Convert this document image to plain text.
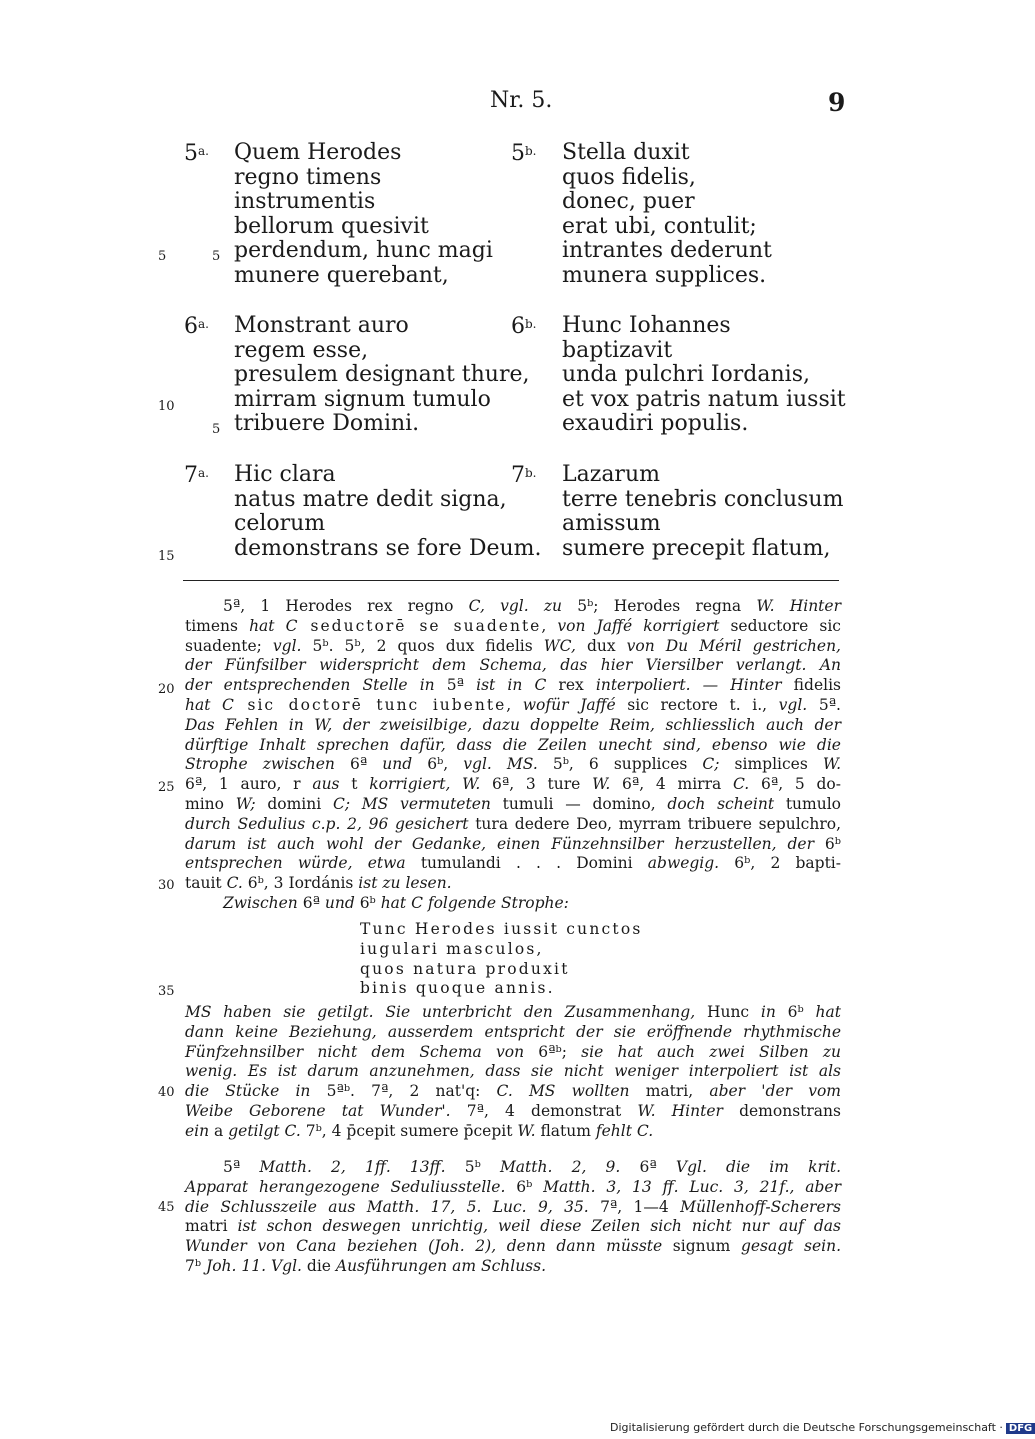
Nr. 5.	9
$5^{a.}$ Quem Herodes
regno timens
instrumentis
bellorum quesivit
perdendum, hunc magi
munere querebant,
$5^{b.}$ Stella duxit
quos fidelis,
donec, puer
erat ubi, contulit;
intrantes dederunt
munera supplices.
$6^{a.}$ Monstrant auro
regem esse,
presulem designant thure,
mirram signum tumulo
tribuere Domini.
$6^{b.}$ Hunc Iohannes
baptizavit
unda pulchri Iordanis,
et vox patris natum iussit
exaudiri populis.
$7^{a.}$ Hic clara
natus matre dedit signa,
celorum
demonstrans se fore Deum.
$7^{b.}$ Lazarum
terre tenebris conclusum
amissum
sumere precepit flatum,
5	5
10
5
15
20
25
30
35
40
45
5ª, 1 Herodes rex regno C, vgl. zu 5ᵇ; Herodes regna W. Hinter
timens hat C seductorē se suadente, von Jaffé korrigiert seductore sic
suadente; vgl. 5ᵇ. 5ᵇ, 2 quos dux fidelis WC, dux von Du Méril gestrichen,
der Fünfsilber widerspricht dem Schema, das hier Viersilber verlangt. An
der entsprechenden Stelle in 5ª ist in C rex interpoliert. — Hinter fidelis
hat C sic doctorē tunc iubente, wofür Jaffé sic rectore t. i., vgl. 5ª.
Das Fehlen in W, der zweisilbige, dazu doppelte Reim, schliesslich auch der
dürftige Inhalt sprechen dafür, dass die Zeilen unecht sind, ebenso wie die
Strophe zwischen 6ª und 6ᵇ, vgl. MS. 5ᵇ, 6 supplices C; simplices W.
6ª, 1 auro, r aus t korrigiert, W. 6ª, 3 ture W. 6ª, 4 mirra C. 6ª, 5 do-
mino W; domini C; MS vermuteten tumuli — domino, doch scheint tumulo
durch Sedulius c.p. 2, 96 gesichert tura dedere Deo, myrram tribuere sepulchro,
darum ist auch wohl der Gedanke, einen Fünzehnsilber herzustellen, der 6ᵇ
entsprechen würde, etwa tumulandi . . . Domini abwegig. 6ᵇ, 2 bapti-
tauit C. 6ᵇ, 3 Iordánis ist zu lesen.
Zwischen 6ª und 6ᵇ hat C folgende Strophe:
Tunc Herodes iussit cunctos
iugulari masculos,
quos natura produxit
binis quoque annis.
MS haben sie getilgt. Sie unterbricht den Zusammenhang, Hunc in 6ᵇ hat
dann keine Beziehung, ausserdem entspricht der sie eröffnende rhythmische
Fünfzehnsilber nicht dem Schema von 6ªᵇ; sie hat auch zwei Silben zu
wenig. Es ist darum anzunehmen, dass sie nicht weniger interpoliert ist als
die Stücke in 5ªᵇ. 7ª, 2 nat'q: C. MS wollten matri, aber 'der vom
Weibe Geborene tat Wunder'. 7ª, 4 demonstrat W. Hinter demonstrans
ein a getilgt C. 7ᵇ, 4 p̄cepit sumere p̄cepit W. flatum fehlt C.
5ª Matth. 2, 1ff. 13ff. 5ᵇ Matth. 2, 9. 6ª Vgl. die im krit.
Apparat herangezogene Seduliusstelle. 6ᵇ Matth. 3, 13 ff. Luc. 3, 21f., aber
die Schlusszeile aus Matth. 17, 5. Luc. 9, 35. 7ª, 1—4 Müllenhoff-Scherers
matri ist schon deswegen unrichtig, weil diese Zeilen sich nicht nur auf das
Wunder von Cana beziehen (Joh. 2), denn dann müsste signum gesagt sein.
7ᵇ Joh. 11. Vgl. die Ausführungen am Schluss.
Digitalisierung gefördert durch die Deutsche Forschungsgemeinschaft · DFG
